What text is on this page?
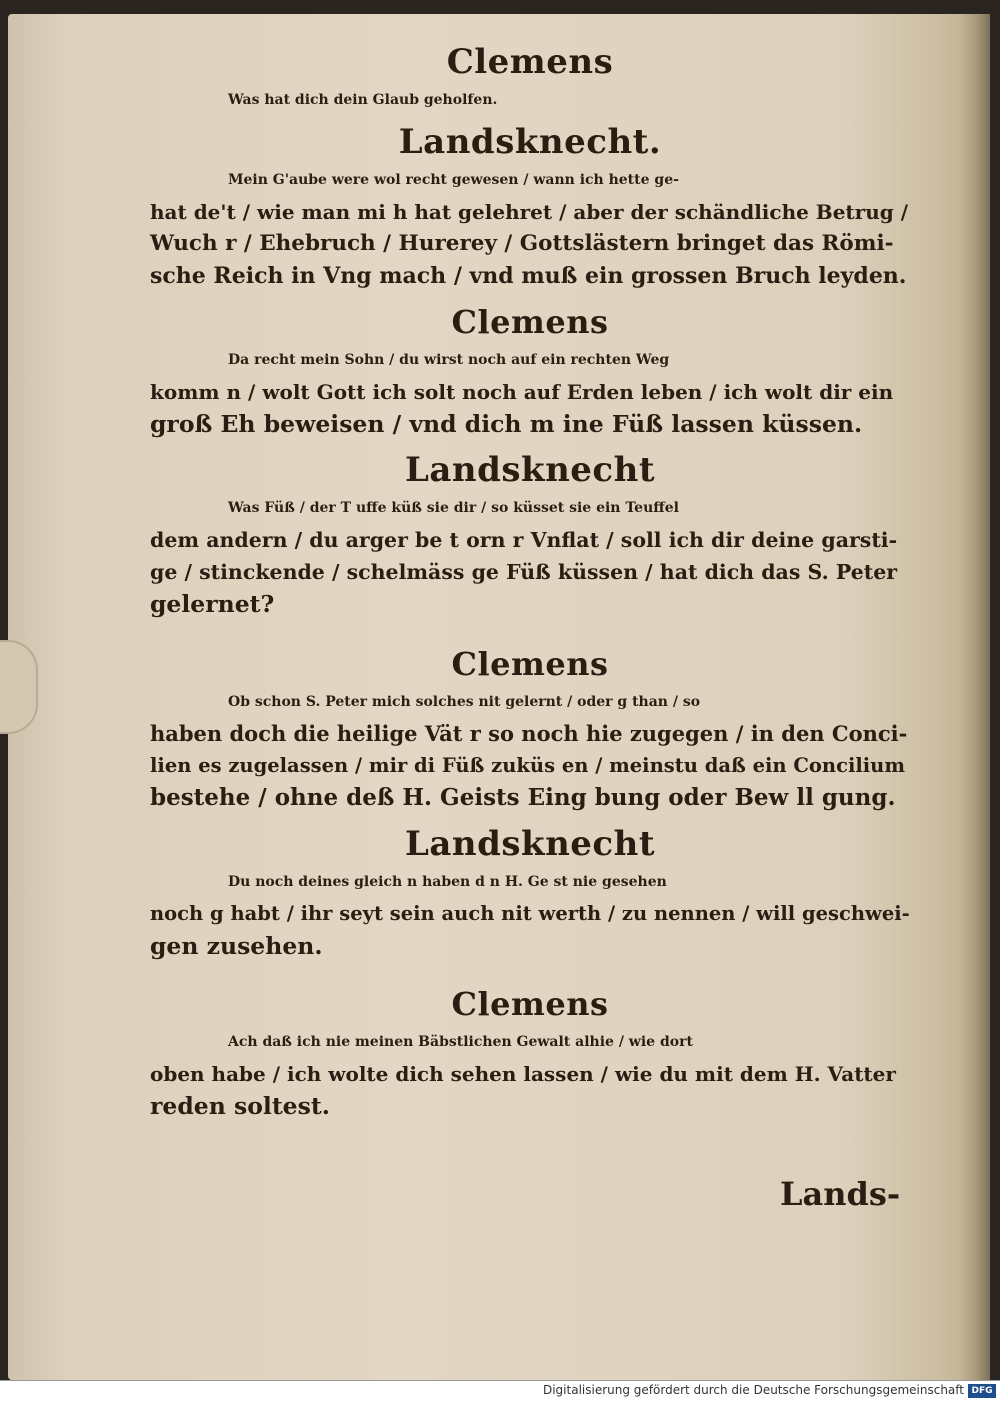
Clemens

Was hat dich dein Glaub geholfen.

Landsknecht.

Mein G'aube were wol recht gewesen / wann ich hette ge-
hat de't / wie man mi h hat gelehret / aber der schändliche Betrug /
Wuch r / Ehebruch / Hurerey / Gottslästern bringet das Römi-
sche Reich in Vng mach / vnd muß ein grossen Bruch leyden.

Clemens

Da recht mein Sohn / du wirst noch auf ein rechten Weg
komm n / wolt Gott ich solt noch auf Erden leben / ich wolt dir ein
groß Eh beweisen / vnd dich m ine Füß lassen küssen.

Landsknecht

Was Füß / der T uffe küß sie dir / so küsset sie ein Teuffel
dem andern / du arger be t orn r Vnflat / soll ich dir deine garsti-
ge / stinckende / schelmäss ge Füß küssen / hat dich das S. Peter
gelernet?

Clemens

Ob schon S. Peter mich solches nit gelernt / oder g than / so
haben doch die heilige Vät r so noch hie zugegen / in den Conci-
lien es zugelassen / mir di Füß zuküs en / meinstu daß ein Concilium
bestehe / ohne deß H. Geists Eing bung oder Bew ll gung.

Landsknecht

Du noch deines gleich n haben d n H. Ge st nie gesehen
noch g habt / ihr seyt sein auch nit werth / zu nennen / will geschwei-
gen zusehen.

Clemens

Ach daß ich nie meinen Bäbstlichen Gewalt alhie / wie dort
oben habe / ich wolte dich sehen lassen / wie du mit dem H. Vatter
reden soltest.

Lands-
Digitalisierung gefördert durch die Deutsche Forschungsgemeinschaft DFG
